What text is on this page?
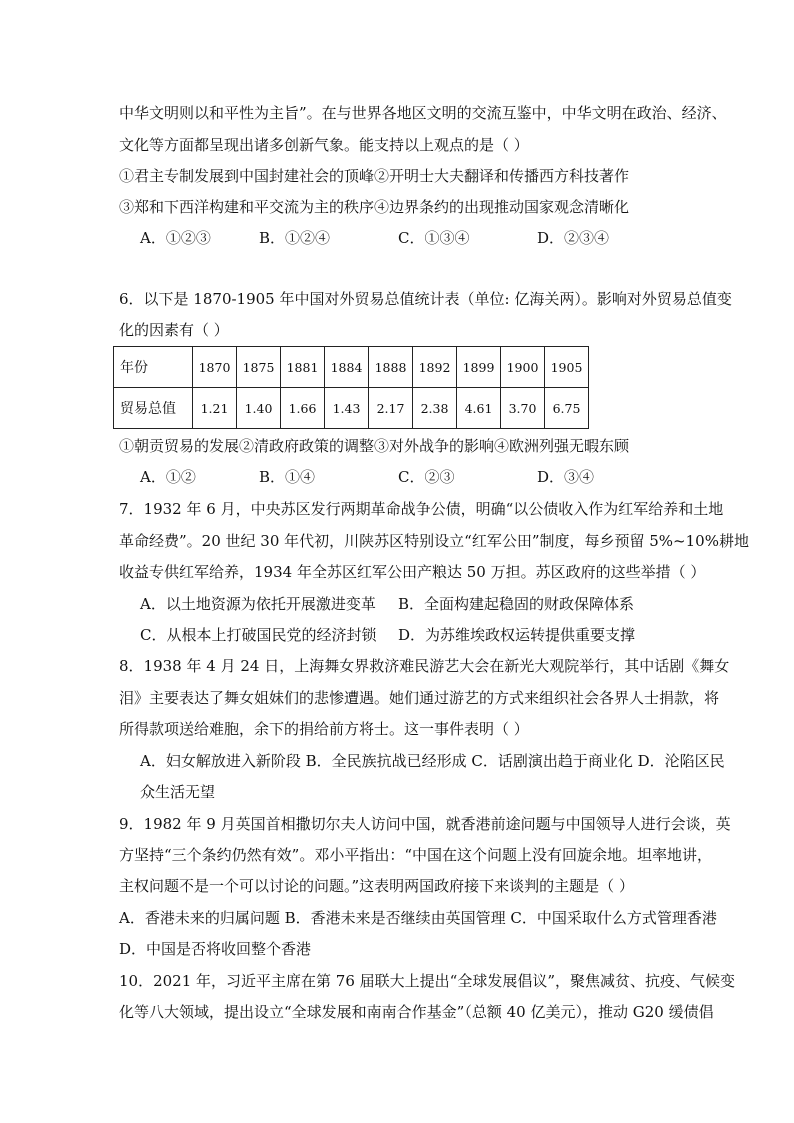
中华文明则以和平性为主旨”。在与世界各地区文明的交流互鉴中，中华文明在政治、经济、
文化等方面都呈现出诸多创新气象。能支持以上观点的是（ ）
①君主专制发展到中国封建社会的顶峰②开明士大夫翻译和传播西方科技著作
③郑和下西洋构建和平交流为主的秩序④边界条约的出现推动国家观念清晰化
A．①②③	B．①②④	C．①③④	D．②③④
6．以下是 1870-1905 年中国对外贸易总值统计表（单位: 亿海关两）。影响对外贸易总值变
化的因素有（ ）
年份	1870	1875	1881	1884	1888	1892	1899	1900	1905
贸易总值	1.21	1.40	1.66	1.43	2.17	2.38	4.61	3.70	6.75
①朝贡贸易的发展②清政府政策的调整③对外战争的影响④欧洲列强无暇东顾
A．①②	B．①④	C．②③	D．③④
7．1932 年 6 月，中央苏区发行两期革命战争公债，明确“以公债收入作为红军给养和土地
革命经费”。20 世纪 30 年代初，川陕苏区特别设立“红军公田”制度，每乡预留 5%~10%耕地
收益专供红军给养，1934 年全苏区红军公田产粮达 50 万担。苏区政府的这些举措（ ）
A．以土地资源为依托开展激进变革 B．全面构建起稳固的财政保障体系
C．从根本上打破国民党的经济封锁 D．为苏维埃政权运转提供重要支撑
8．1938 年 4 月 24 日，上海舞女界救济难民游艺大会在新光大观院举行，其中话剧《舞女
泪》主要表达了舞女姐妹们的悲惨遭遇。她们通过游艺的方式来组织社会各界人士捐款，将
所得款项送给难胞，余下的捐给前方将士。这一事件表明（ ）
A．妇女解放进入新阶段 B．全民族抗战已经形成 C．话剧演出趋于商业化 D．沦陷区民
众生活无望
9．1982 年 9 月英国首相撒切尔夫人访问中国，就香港前途问题与中国领导人进行会谈，英
方坚持“三个条约仍然有效”。邓小平指出：“中国在这个问题上没有回旋余地。坦率地讲，
主权问题不是一个可以讨论的问题。”这表明两国政府接下来谈判的主题是（ ）
A．香港未来的归属问题 B．香港未来是否继续由英国管理 C．中国采取什么方式管理香港
D．中国是否将收回整个香港
10．2021 年，习近平主席在第 76 届联大上提出“全球发展倡议”，聚焦减贫、抗疫、气候变
化等八大领域，提出设立“全球发展和南南合作基金”（总额 40 亿美元），推动 G20 缓债倡
